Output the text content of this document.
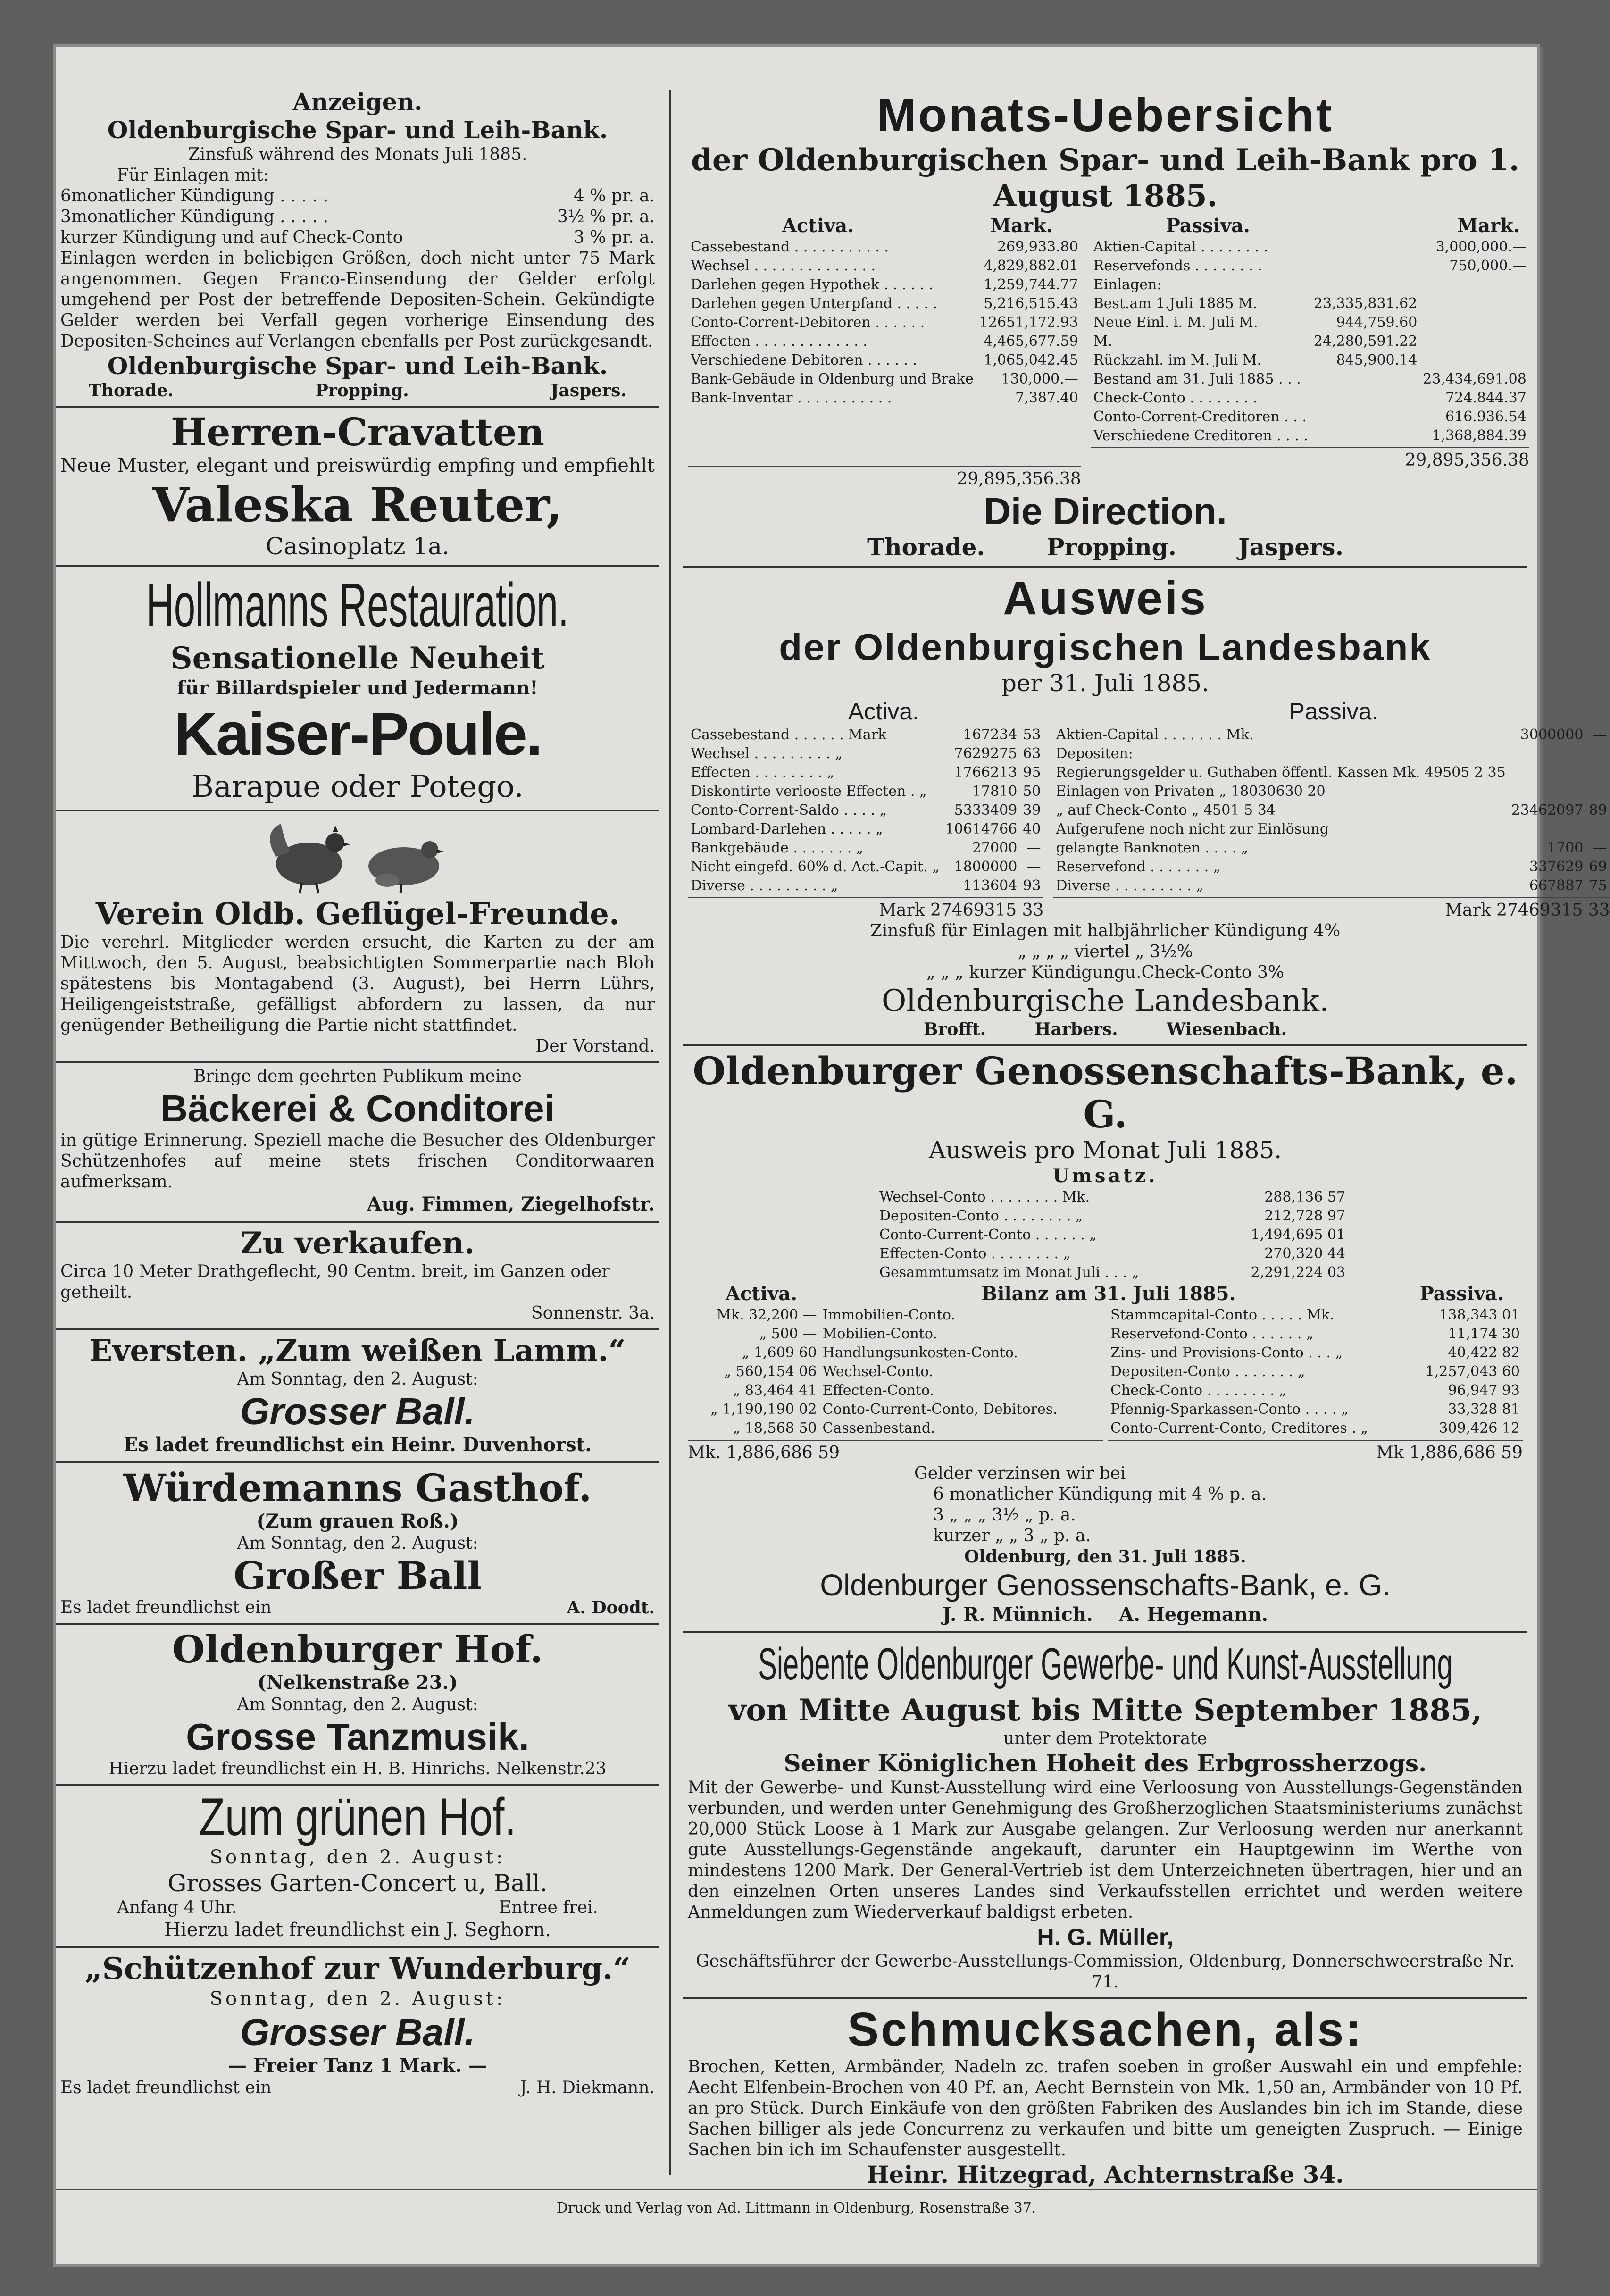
Anzeigen.
Oldenburgische Spar- und Leih-Bank.
Zinsfuß während des Monats Juli 1885.
Für Einlagen mit:
6monatlicher Kündigung . . . . .	4 % pr. a.
3monatlicher Kündigung . . . . .	3½ % pr. a.
kurzer Kündigung und auf Check-Conto	3 % pr. a.
Einlagen werden in beliebigen Größen, doch nicht unter 75 Mark angenommen. Gegen Franco-Einsendung der Gelder erfolgt umgehend per Post der betreffende Depositen-Schein. Gekündigte Gelder werden bei Verfall gegen vorherige Einsendung des Depositen-Scheines auf Verlangen ebenfalls per Post zurückgesandt.
Oldenburgische Spar- und Leih-Bank.
Thorade.	Propping.	Jaspers.
Herren-Cravatten
Neue Muster, elegant und preiswürdig empfing und empfiehlt
Valeska Reuter,
Casinoplatz 1a.
Hollmanns Restauration.
Sensationelle Neuheit
für Billardspieler und Jedermann!
Kaiser-Poule.
Barapue oder Potego.

Verein Oldb. Geflügel-Freunde.
Die verehrl. Mitglieder werden ersucht, die Karten zu der am Mittwoch, den 5. August, beabsichtigten Sommerpartie nach Bloh spätestens bis Montagabend (3. August), bei Herrn Lührs, Heiligengeiststraße, gefälligst abfordern zu lassen, da nur genügender Betheiligung die Partie nicht stattfindet.
Der Vorstand.
Bringe dem geehrten Publikum meine
Bäckerei & Conditorei
in gütige Erinnerung. Speziell mache die Besucher des Oldenburger Schützenhofes auf meine stets frischen Conditorwaaren aufmerksam.
Aug. Fimmen, Ziegelhofstr.
Zu verkaufen.
Circa 10 Meter Drathgeflecht, 90 Centm. breit, im Ganzen oder getheilt.
Sonnenstr. 3a.
Eversten. „Zum weißen Lamm.“
Am Sonntag, den 2. August:
Grosser Ball.
Es ladet freundlichst ein Heinr. Duvenhorst.
Würdemanns Gasthof.
(Zum grauen Roß.)
Am Sonntag, den 2. August:
Großer Ball
Es ladet freundlichst ein	A. Doodt.
Oldenburger Hof.
(Nelkenstraße 23.)
Am Sonntag, den 2. August:
Grosse Tanzmusik.
Hierzu ladet freundlichst ein H. B. Hinrichs. Nelkenstr.23
Zum grünen Hof.
Sonntag, den 2. August:
Grosses Garten-Concert u, Ball.
Anfang 4 Uhr.	Entree frei.
Hierzu ladet freundlichst ein J. Seghorn.
„Schützenhof zur Wunderburg.“
Sonntag, den 2. August:
Grosser Ball.
— Freier Tanz 1 Mark. —
Es ladet freundlichst ein	J. H. Diekmann.
Monats-Uebersicht
der Oldenburgischen Spar- und Leih-Bank pro 1. August 1885.
Activa.	Mark.
Cassebestand . . . . . . . . . . .	269,933.80
Wechsel . . . . . . . . . . . . . .	4,829,882.01
Darlehen gegen Hypothek . . . . . .	1,259,744.77
Darlehen gegen Unterpfand . . . . .	5,216,515.43
Conto-Corrent-Debitoren . . . . . .	12651,172.93
Effecten . . . . . . . . . . . . .	4,465,677.59
Verschiedene Debitoren . . . . . .	1,065,042.45
Bank-Gebäude in Oldenburg und Brake	130,000.—
Bank-Inventar . . . . . . . . . . .	7,387.40
29,895,356.38
Passiva.	Mark.
Aktien-Capital . . . . . . . .		3,000,000.—
Reservefonds . . . . . . . .		750,000.—
Einlagen:		
Best.am 1.Juli 1885 M.	23,335,831.62	
Neue Einl. i. M. Juli M.	944,759.60	
M.	24,280,591.22	
Rückzahl. im M. Juli M.	845,900.14	
Bestand am 31. Juli 1885 . . .		23,434,691.08
Check-Conto . . . . . . . .		724.844.37
Conto-Corrent-Creditoren . . .		616.936.54
Verschiedene Creditoren . . . .		1,368,884.39
29,895,356.38
Die Direction.
Thorade.	Propping.	Jaspers.
Ausweis
der Oldenburgischen Landesbank
per 31. Juli 1885.
Activa.
Cassebestand . . . . . . Mark	167234	53
Wechsel . . . . . . . . . „	7629275	63
Effecten . . . . . . . . „	1766213	95
Diskontirte verlooste Effecten . „	17810	50
Conto-Corrent-Saldo . . . . „	5333409	39
Lombard-Darlehen . . . . . „	10614766	40
Bankgebäude . . . . . . . „	27000	—
Nicht eingefd. 60% d. Act.-Capit. „	1800000	—
Diverse . . . . . . . . . „	113604	93
Mark 27469315 33
Passiva.
Aktien-Capital . . . . . . . Mk.	3000000	—
Depositen:		
Regierungsgelder u. Guthaben öffentl. Kassen Mk. 49505 2 35		
Einlagen von Privaten „ 18030630 20		
„ auf Check-Conto „ 4501 5 34	23462097	89
Aufgerufene noch nicht zur Einlösung		
gelangte Banknoten . . . . „	1700	—
Reservefond . . . . . . . „	337629	69
Diverse . . . . . . . . . „	667887	75
Mark 27469315 33
Zinsfuß für Einlagen mit halbjährlicher Kündigung 4%
„ „ „ „ viertel „ 3½%
„ „ „ kurzer Kündigungu.Check-Conto 3%
Oldenburgische Landesbank.
Brofft.	Harbers.	Wiesenbach.
Oldenburger Genossenschafts-Bank, e. G.
Ausweis pro Monat Juli 1885.
Umsatz.
Wechsel-Conto . . . . . . . . Mk.	288,136 57
Depositen-Conto . . . . . . . . „	212,728 97
Conto-Current-Conto . . . . . . „	1,494,695 01
Effecten-Conto . . . . . . . . „	270,320 44
Gesammtumsatz im Monat Juli . . . „	2,291,224 03
Activa.	Bilanz am 31. Juli 1885.	Passiva.
Mk. 32,200 —	Immobilien-Conto.
„ 500 —	Mobilien-Conto.
„ 1,609 60	Handlungsunkosten-Conto.
„ 560,154 06	Wechsel-Conto.
„ 83,464 41	Effecten-Conto.
„ 1,190,190 02	Conto-Current-Conto, Debitores.
„ 18,568 50	Cassenbestand.
Mk. 1,886,686 59
Stammcapital-Conto . . . . . Mk.	138,343 01
Reservefond-Conto . . . . . . „	11,174 30
Zins- und Provisions-Conto . . . „	40,422 82
Depositen-Conto . . . . . . . „	1,257,043 60
Check-Conto . . . . . . . . „	96,947 93
Pfennig-Sparkassen-Conto . . . . „	33,328 81
Conto-Current-Conto, Creditores . „	309,426 12
Mk 1,886,686 59
Gelder verzinsen wir bei
6 monatlicher Kündigung mit 4 % p. a.
3 „ „ „ 3½ „ p. a.
kurzer „ „ 3 „ p. a.
Oldenburg, den 31. Juli 1885.
Oldenburger Genossenschafts-Bank, e. G.
J. R. Münnich. A. Hegemann.
Siebente Oldenburger Gewerbe- und Kunst-Ausstellung
von Mitte August bis Mitte September 1885,
unter dem Protektorate
Seiner Königlichen Hoheit des Erbgrossherzogs.
Mit der Gewerbe- und Kunst-Ausstellung wird eine Verloosung von Ausstellungs-Gegenständen verbunden, und werden unter Genehmigung des Großherzoglichen Staatsministeriums zunächst 20,000 Stück Loose à 1 Mark zur Ausgabe gelangen. Zur Verloosung werden nur anerkannt gute Ausstellungs-Gegenstände angekauft, darunter ein Hauptgewinn im Werthe von mindestens 1200 Mark. Der General-Vertrieb ist dem Unterzeichneten übertragen, hier und an den einzelnen Orten unseres Landes sind Verkaufsstellen errichtet und werden weitere Anmeldungen zum Wiederverkauf baldigst erbeten.
H. G. Müller,
Geschäftsführer der Gewerbe-Ausstellungs-Commission, Oldenburg, Donnerschweerstraße Nr. 71.
Schmucksachen, als:
Brochen, Ketten, Armbänder, Nadeln zc. trafen soeben in großer Auswahl ein und empfehle: Aecht Elfenbein-Brochen von 40 Pf. an, Aecht Bernstein von Mk. 1,50 an, Armbänder von 10 Pf. an pro Stück. Durch Einkäufe von den größten Fabriken des Auslandes bin ich im Stande, diese Sachen billiger als jede Concurrenz zu verkaufen und bitte um geneigten Zuspruch. — Einige Sachen bin ich im Schaufenster ausgestellt.
Heinr. Hitzegrad, Achternstraße 34.
Druck und Verlag von Ad. Littmann in Oldenburg, Rosenstraße 37.
